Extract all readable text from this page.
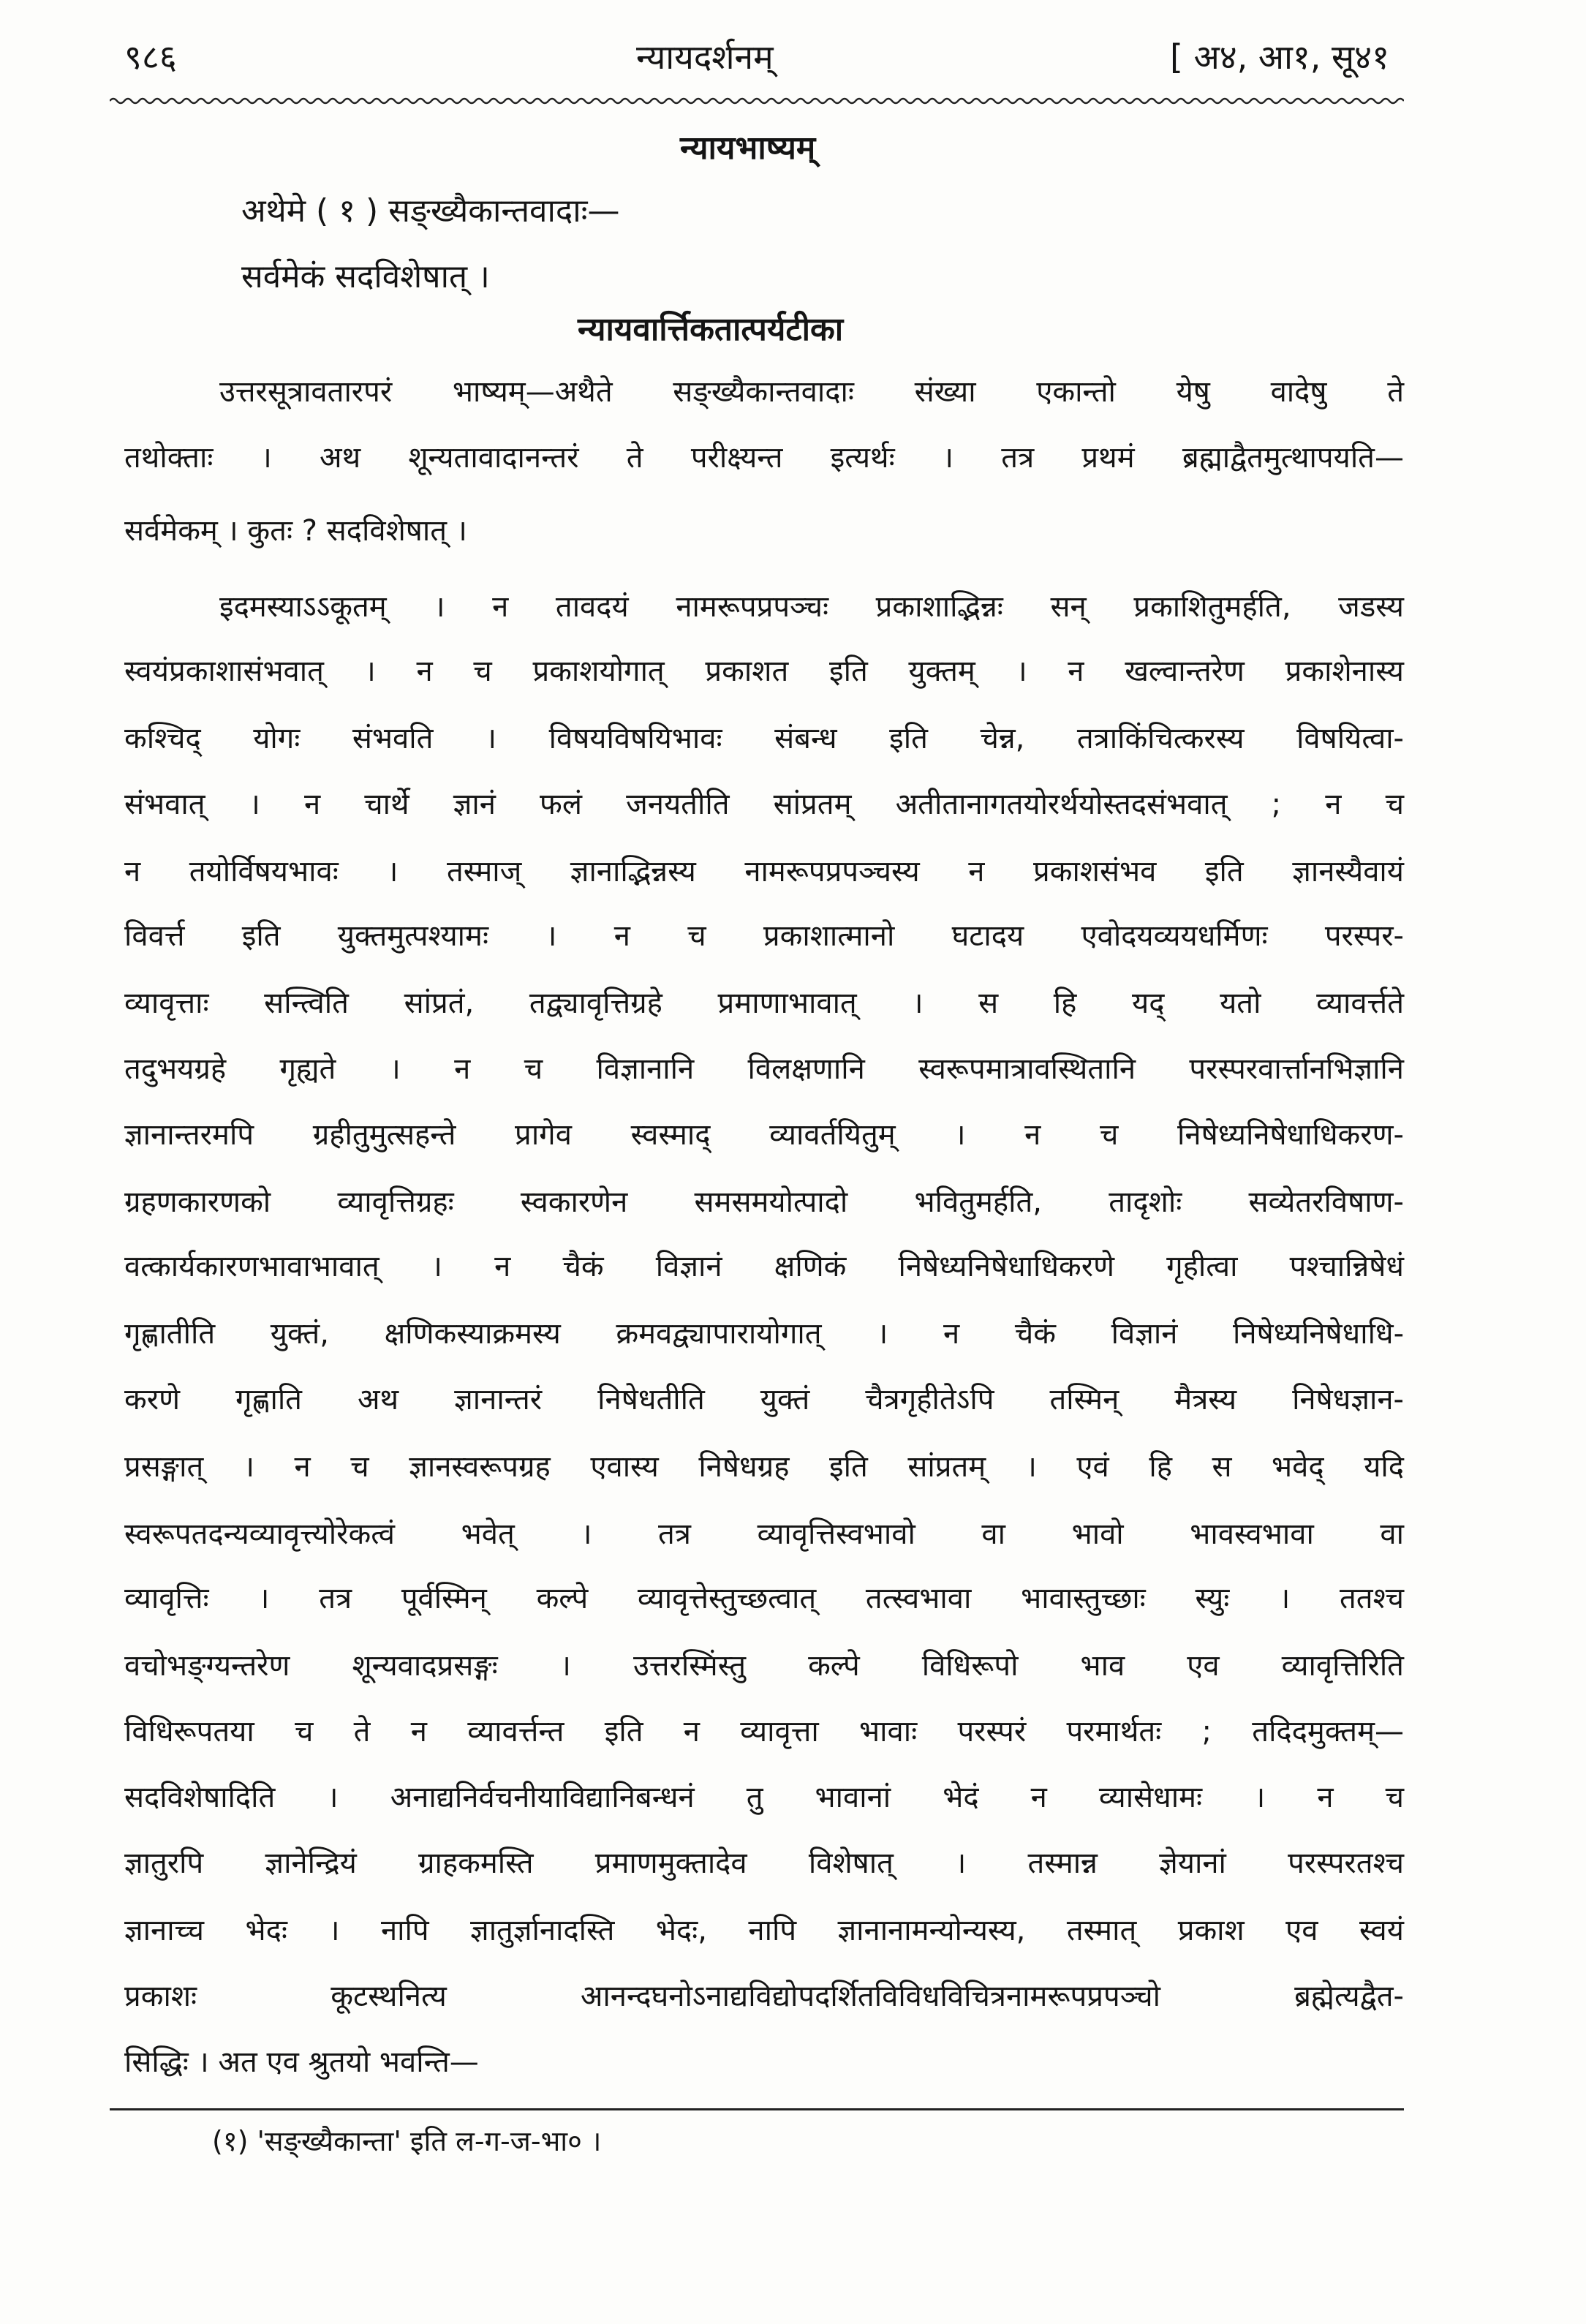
९८६	न्यायदर्शनम्	[ अ४, आ१, सू४१
न्यायभाष्यम्
अथेमे ( १ ) सङ्ख्यैकान्तवादाः—
सर्वमेकं सदविशेषात् ।
न्यायवार्त्तिकतात्पर्यटीका
उत्तरसूत्रावतारपरं भाष्यम्—अथैते सङ्ख्यैकान्तवादाः संख्या एकान्तो येषु वादेषु ते
तथोक्ताः । अथ शून्यतावादानन्तरं ते परीक्ष्यन्त इत्यर्थः । तत्र प्रथमं ब्रह्माद्वैतमुत्थापयति—
सर्वमेकम् । कुतः ? सदविशेषात् ।
इदमस्याऽऽकूतम् । न तावदयं नामरूपप्रपञ्चः प्रकाशाद्भिन्नः सन् प्रकाशितुमर्हति, जडस्य
स्वयंप्रकाशासंभवात् । न च प्रकाशयोगात् प्रकाशत इति युक्तम् । न खल्वान्तरेण प्रकाशेनास्य
कश्चिद् योगः संभवति । विषयविषयिभावः संबन्ध इति चेन्न, तत्राकिंचित्करस्य विषयित्वा-
संभवात् । न चार्थे ज्ञानं फलं जनयतीति सांप्रतम् अतीतानागतयोरर्थयोस्तदसंभवात् ; न च
न तयोर्विषयभावः । तस्माज् ज्ञानाद्भिन्नस्य नामरूपप्रपञ्चस्य न प्रकाशसंभव इति ज्ञानस्यैवायं
विवर्त्त इति युक्तमुत्पश्यामः । न च प्रकाशात्मानो घटादय एवोदयव्ययधर्मिणः परस्पर-
व्यावृत्ताः सन्त्विति सांप्रतं, तद्व्यावृत्तिग्रहे प्रमाणाभावात् । स हि यद् यतो व्यावर्त्तते
तदुभयग्रहे गृह्यते । न च विज्ञानानि विलक्षणानि स्वरूपमात्रावस्थितानि परस्परवार्त्तानभिज्ञानि
ज्ञानान्तरमपि ग्रहीतुमुत्सहन्ते प्रागेव स्वस्माद् व्यावर्तयितुम् । न च निषेध्यनिषेधाधिकरण-
ग्रहणकारणको व्यावृत्तिग्रहः स्वकारणेन समसमयोत्पादो भवितुमर्हति, तादृशोः सव्येतरविषाण-
वत्कार्यकारणभावाभावात् । न चैकं विज्ञानं क्षणिकं निषेध्यनिषेधाधिकरणे गृहीत्वा पश्चान्निषेधं
गृह्णातीति युक्तं, क्षणिकस्याक्रमस्य क्रमवद्व्यापारायोगात् । न चैकं विज्ञानं निषेध्यनिषेधाधि-
करणे गृह्णाति अथ ज्ञानान्तरं निषेधतीति युक्तं चैत्रगृहीतेऽपि तस्मिन् मैत्रस्य निषेधज्ञान-
प्रसङ्गात् । न च ज्ञानस्वरूपग्रह एवास्य निषेधग्रह इति सांप्रतम् । एवं हि स भवेद् यदि
स्वरूपतदन्यव्यावृत्त्योरेकत्वं भवेत् । तत्र व्यावृत्तिस्वभावो वा भावो भावस्वभावा वा
व्यावृत्तिः । तत्र पूर्वस्मिन् कल्पे व्यावृत्तेस्तुच्छत्वात् तत्स्वभावा भावास्तुच्छाः स्युः । ततश्च
वचोभङ्ग्यन्तरेण शून्यवादप्रसङ्गः । उत्तरस्मिंस्तु कल्पे विधिरूपो भाव एव व्यावृत्तिरिति
विधिरूपतया च ते न व्यावर्त्तन्त इति न व्यावृत्ता भावाः परस्परं परमार्थतः ; तदिदमुक्तम्—
सदविशेषादिति । अनाद्यनिर्वचनीयाविद्यानिबन्धनं तु भावानां भेदं न व्यासेधामः । न च
ज्ञातुरपि ज्ञानेन्द्रियं ग्राहकमस्ति प्रमाणमुक्तादेव विशेषात् । तस्मान्न ज्ञेयानां परस्परतश्च
ज्ञानाच्च भेदः । नापि ज्ञातुर्ज्ञानादस्ति भेदः, नापि ज्ञानानामन्योन्यस्य, तस्मात् प्रकाश एव स्वयं
प्रकाशः कूटस्थनित्य आनन्दघनोऽनाद्यविद्योपदर्शितविविधविचित्रनामरूपप्रपञ्चो ब्रह्मेत्यद्वैत-
सिद्धिः । अत एव श्रुतयो भवन्ति—
(१) 'सङ्ख्यैकान्ता' इति ल-ग-ज-भा० ।
